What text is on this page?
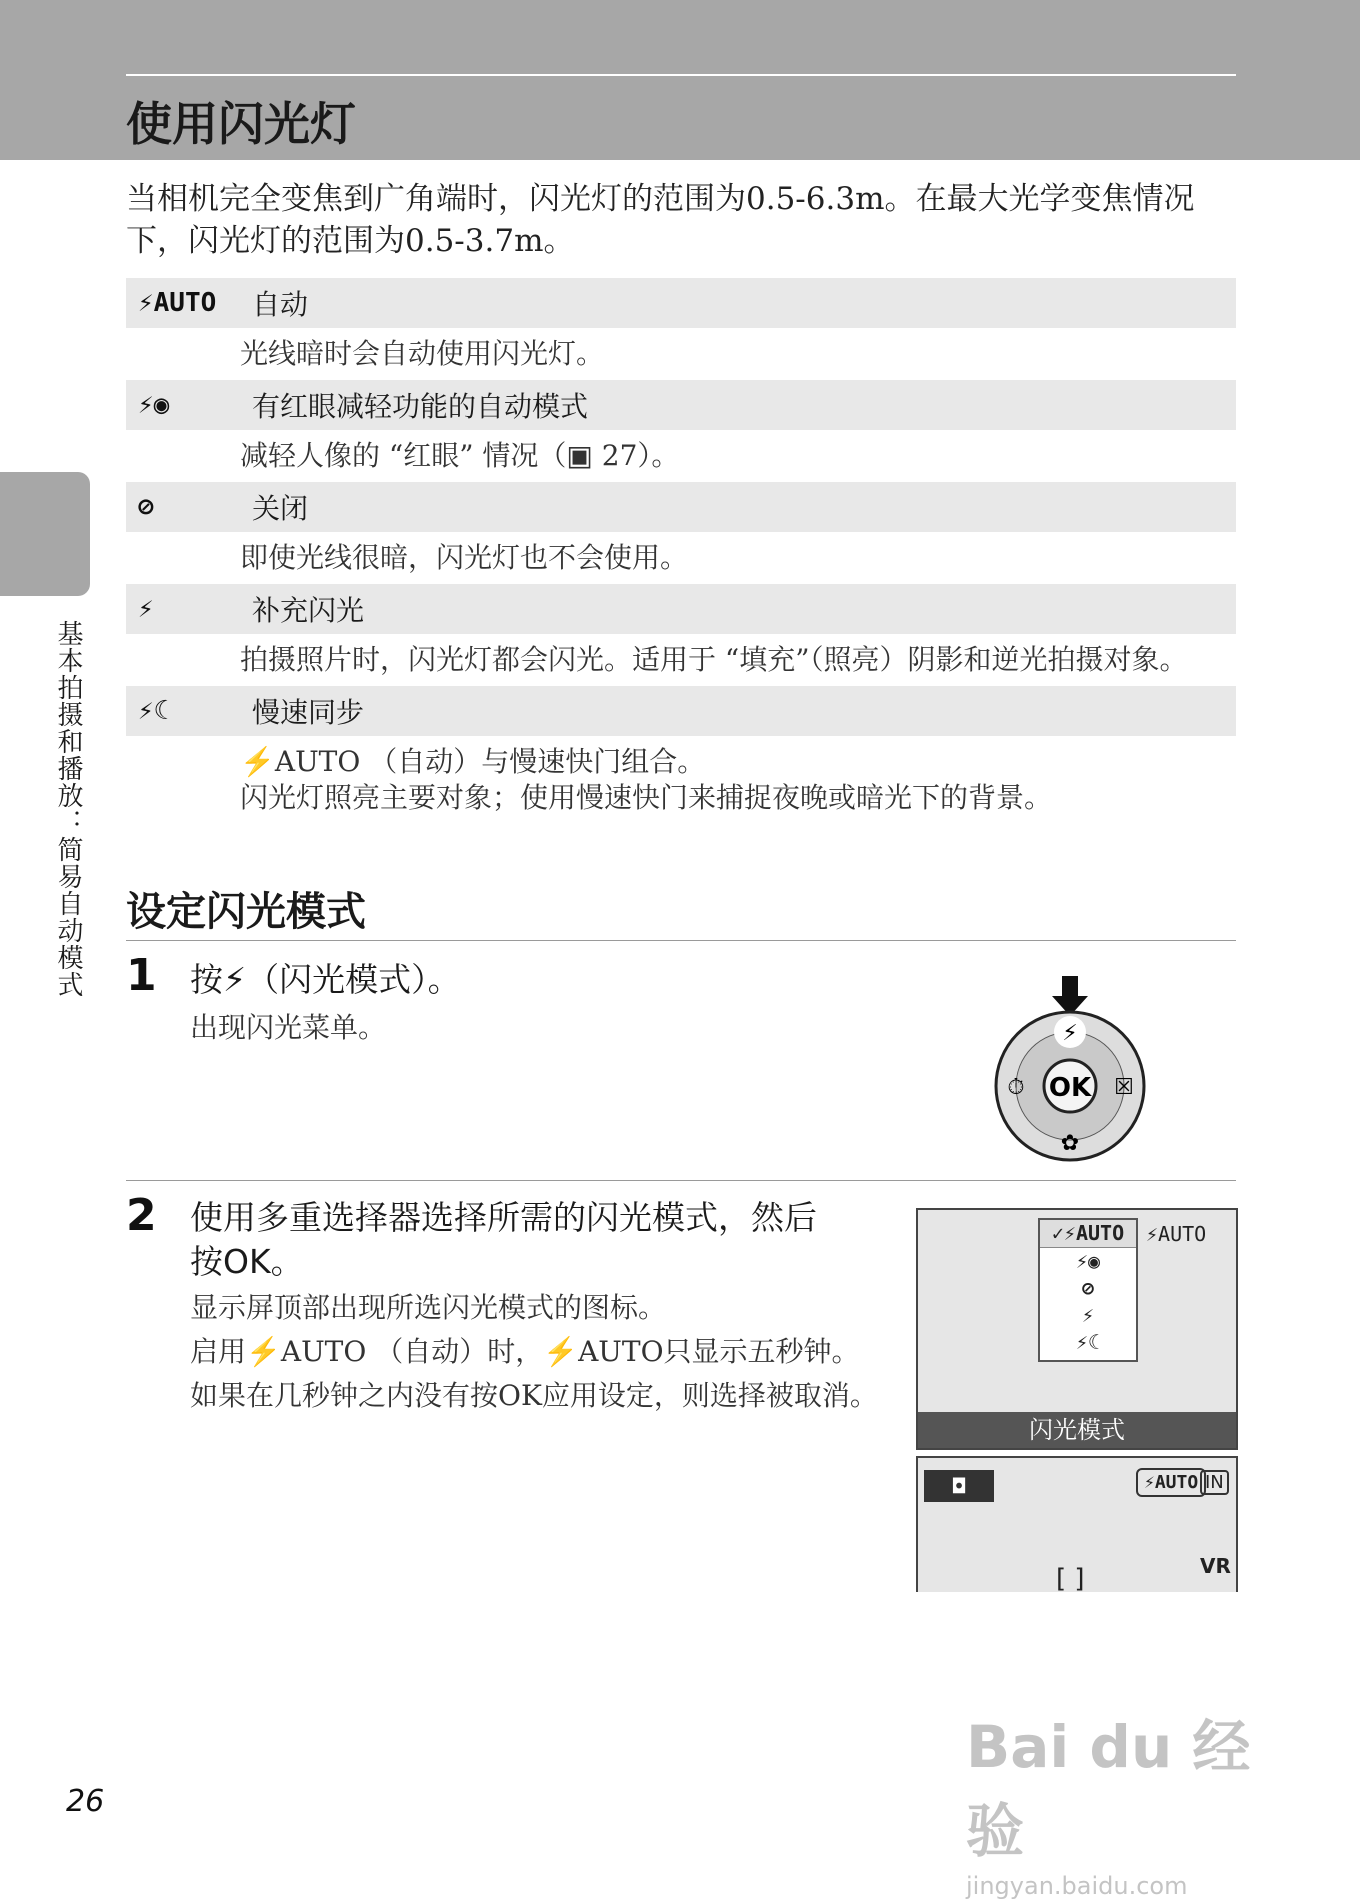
使用闪光灯
基本拍摄和播放：简易自动模式

当相机完全变焦到广角端时，闪光灯的范围为0.5-6.3m。在最大光学变焦情况下，闪光灯的范围为0.5-3.7m。

⚡AUTO	自动
光线暗时会自动使用闪光灯。
⚡◉	有红眼减轻功能的自动模式
减轻人像的 “红眼” 情况（▣ 27）。
⊘	关闭
即使光线很暗，闪光灯也不会使用。
⚡	补充闪光
拍摄照片时，闪光灯都会闪光。适用于 “填充”（照亮）阴影和逆光拍摄对象。
⚡☾	慢速同步
⚡AUTO （自动）与慢速快门组合。
闪光灯照亮主要对象；使用慢速快门来捕捉夜晚或暗光下的背景。
设定闪光模式
1 按⚡（闪光模式）。
出现闪光菜单。	⚡
⏱ OK ☒
✿
2 使用多重选择器选择所需的闪光模式，然后
按OK。
显示屏顶部出现所选闪光模式的图标。
启用⚡AUTO （自动）时，⚡AUTO只显示五秒钟。
如果在几秒钟之内没有按OK应用设定，则选择被取消。
✓⚡AUTO
⚡◉
⊘
⚡
⚡☾
⚡AUTO
闪光模式
◘	⚡AUTO IN
VR
[ ]
26
Bai du 经验
jingyan.baidu.com
